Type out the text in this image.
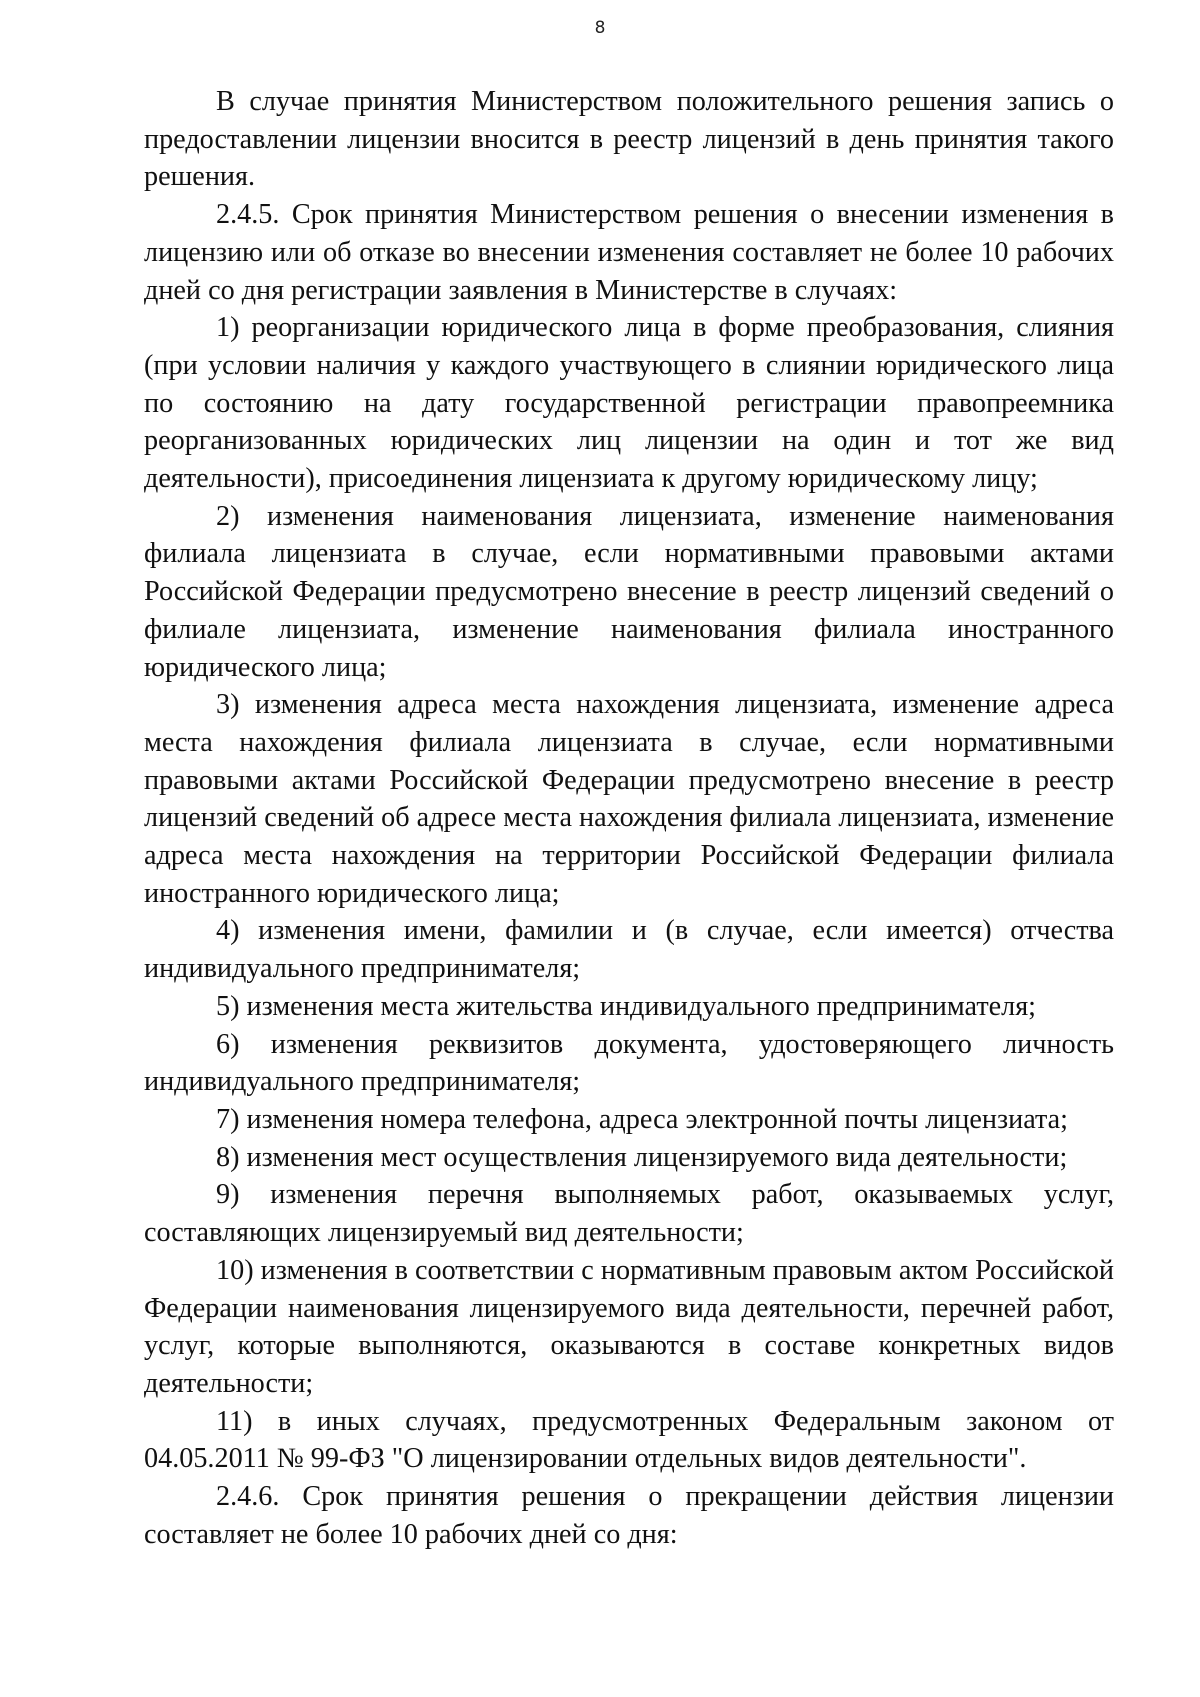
8

В случае принятия Министерством положительного решения запись о предоставлении лицензии вносится в реестр лицензий в день принятия такого решения.

2.4.5. Срок принятия Министерством решения о внесении изменения в лицензию или об отказе во внесении изменения составляет не более 10 рабочих дней со дня регистрации заявления в Министерстве в случаях:

1) реорганизации юридического лица в форме преобразования, слияния (при условии наличия у каждого участвующего в слиянии юридического лица по состоянию на дату государственной регистрации правопреемника реорганизованных юридических лиц лицензии на один и тот же вид деятельности), присоединения лицензиата к другому юридическому лицу;

2) изменения наименования лицензиата, изменение наименования филиала лицензиата в случае, если нормативными правовыми актами Российской Федерации предусмотрено внесение в реестр лицензий сведений о филиале лицензиата, изменение наименования филиала иностранного юридического лица;

3) изменения адреса места нахождения лицензиата, изменение адреса места нахождения филиала лицензиата в случае, если нормативными правовыми актами Российской Федерации предусмотрено внесение в реестр лицензий сведений об адресе места нахождения филиала лицензиата, изменение адреса места нахождения на территории Российской Федерации филиала иностранного юридического лица;

4) изменения имени, фамилии и (в случае, если имеется) отчества индивидуального предпринимателя;

5) изменения места жительства индивидуального предпринимателя;

6) изменения реквизитов документа, удостоверяющего личность индивидуального предпринимателя;

7) изменения номера телефона, адреса электронной почты лицензиата;

8) изменения мест осуществления лицензируемого вида деятельности;

9) изменения перечня выполняемых работ, оказываемых услуг, составляющих лицензируемый вид деятельности;

10) изменения в соответствии с нормативным правовым актом Российской Федерации наименования лицензируемого вида деятельности, перечней работ, услуг, которые выполняются, оказываются в составе конкретных видов деятельности;

11) в иных случаях, предусмотренных Федеральным законом от 04.05.2011 № 99-ФЗ "О лицензировании отдельных видов деятельности".

2.4.6. Срок принятия решения о прекращении действия лицензии составляет не более 10 рабочих дней со дня:
